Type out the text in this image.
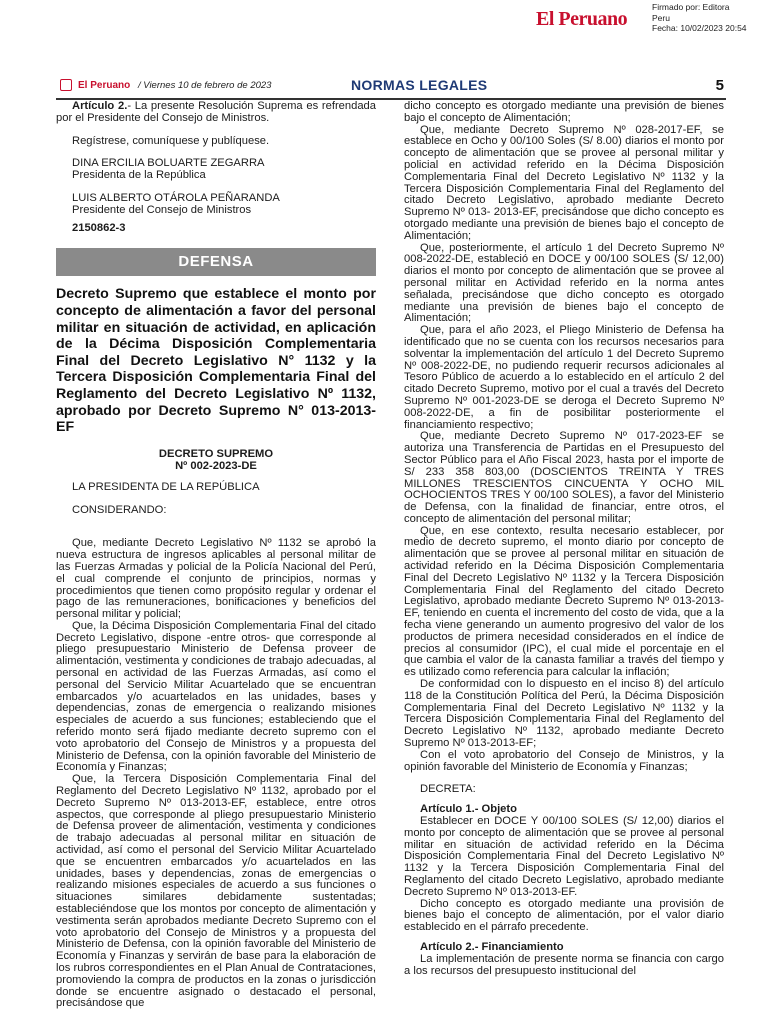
El Peruano
Firmado por: Editora
Peru
Fecha: 10/02/2023 20:54
El Peruano / Viernes 10 de febrero de 2023	NORMAS LEGALES	5

Artículo 2.- La presente Resolución Suprema es refrendada por el Presidente del Consejo de Ministros.

Regístrese, comuníquese y publíquese.

DINA ERCILIA BOLUARTE ZEGARRA

Presidenta de la República

LUIS ALBERTO OTÁROLA PEÑARANDA

Presidente del Consejo de Ministros

2150862-3

DEFENSA
Decreto Supremo que establece el monto por concepto de alimentación a favor del personal militar en situación de actividad, en aplicación de la Décima Disposición Complementaria Final del Decreto Legislativo N° 1132 y la Tercera Disposición Complementaria Final del Reglamento del Decreto Legislativo Nº 1132, aprobado por Decreto Supremo N° 013-2013-EF
DECRETO SUPREMO
Nº 002-2023-DE

LA PRESIDENTA DE LA REPÚBLICA

CONSIDERANDO:

Que, mediante Decreto Legislativo Nº 1132 se aprobó la nueva estructura de ingresos aplicables al personal militar de las Fuerzas Armadas y policial de la Policía Nacional del Perú, el cual comprende el conjunto de principios, normas y procedimientos que tienen como propósito regular y ordenar el pago de las remuneraciones, bonificaciones y beneficios del personal militar y policial;

Que, la Décima Disposición Complementaria Final del citado Decreto Legislativo, dispone -entre otros- que corresponde al pliego presupuestario Ministerio de Defensa proveer de alimentación, vestimenta y condiciones de trabajo adecuadas, al personal en actividad de las Fuerzas Armadas, así como el personal del Servicio Militar Acuartelado que se encuentran embarcados y/o acuartelados en las unidades, bases y dependencias, zonas de emergencia o realizando misiones especiales de acuerdo a sus funciones; estableciendo que el referido monto será fijado mediante decreto supremo con el voto aprobatorio del Consejo de Ministros y a propuesta del Ministerio de Defensa, con la opinión favorable del Ministerio de Economía y Finanzas;

Que, la Tercera Disposición Complementaria Final del Reglamento del Decreto Legislativo Nº 1132, aprobado por el Decreto Supremo Nº 013-2013-EF, establece, entre otros aspectos, que corresponde al pliego presupuestario Ministerio de Defensa proveer de alimentación, vestimenta y condiciones de trabajo adecuadas al personal militar en situación de actividad, así como el personal del Servicio Militar Acuartelado que se encuentren embarcados y/o acuartelados en las unidades, bases y dependencias, zonas de emergencias o realizando misiones especiales de acuerdo a sus funciones o situaciones similares debidamente sustentadas; estableciéndose que los montos por concepto de alimentación y vestimenta serán aprobados mediante Decreto Supremo con el voto aprobatorio del Consejo de Ministros y a propuesta del Ministerio de Defensa, con la opinión favorable del Ministerio de Economía y Finanzas y servirán de base para la elaboración de los rubros correspondientes en el Plan Anual de Contrataciones, promoviendo la compra de productos en la zonas o jurisdicción donde se encuentre asignado o destacado el personal, precisándose que

dicho concepto es otorgado mediante una previsión de bienes bajo el concepto de Alimentación;

Que, mediante Decreto Supremo Nº 028-2017-EF, se establece en Ocho y 00/100 Soles (S/ 8.00) diarios el monto por concepto de alimentación que se provee al personal militar y policial en actividad referido en la Décima Disposición Complementaria Final del Decreto Legislativo Nº 1132 y la Tercera Disposición Complementaria Final del Reglamento del citado Decreto Legislativo, aprobado mediante Decreto Supremo Nº 013- 2013-EF, precisándose que dicho concepto es otorgado mediante una previsión de bienes bajo el concepto de Alimentación;

Que, posteriormente, el artículo 1 del Decreto Supremo Nº 008-2022-DE, estableció en DOCE y 00/100 SOLES (S/ 12,00) diarios el monto por concepto de alimentación que se provee al personal militar en Actividad referido en la norma antes señalada, precisándose que dicho concepto es otorgado mediante una previsión de bienes bajo el concepto de Alimentación;

Que, para el año 2023, el Pliego Ministerio de Defensa ha identificado que no se cuenta con los recursos necesarios para solventar la implementación del artículo 1 del Decreto Supremo Nº 008-2022-DE, no pudiendo requerir recursos adicionales al Tesoro Público de acuerdo a lo establecido en el artículo 2 del citado Decreto Supremo, motivo por el cual a través del Decreto Supremo Nº 001-2023-DE se deroga el Decreto Supremo Nº 008-2022-DE, a fin de posibilitar posteriormente el financiamiento respectivo;

Que, mediante Decreto Supremo Nº 017-2023-EF se autoriza una Transferencia de Partidas en el Presupuesto del Sector Público para el Año Fiscal 2023, hasta por el importe de S/ 233 358 803,00 (DOSCIENTOS TREINTA Y TRES MILLONES TRESCIENTOS CINCUENTA Y OCHO MIL OCHOCIENTOS TRES Y 00/100 SOLES), a favor del Ministerio de Defensa, con la finalidad de financiar, entre otros, el concepto de alimentación del personal militar;

Que, en ese contexto, resulta necesario establecer, por medio de decreto supremo, el monto diario por concepto de alimentación que se provee al personal militar en situación de actividad referido en la Décima Disposición Complementaria Final del Decreto Legislativo Nº 1132 y la Tercera Disposición Complementaria Final del Reglamento del citado Decreto Legislativo, aprobado mediante Decreto Supremo Nº 013-2013-EF, teniendo en cuenta el incremento del costo de vida, que a la fecha viene generando un aumento progresivo del valor de los productos de primera necesidad considerados en el índice de precios al consumidor (IPC), el cual mide el porcentaje en el que cambia el valor de la canasta familiar a través del tiempo y es utilizado como referencia para calcular la inflación;

De conformidad con lo dispuesto en el inciso 8) del artículo 118 de la Constitución Política del Perú, la Décima Disposición Complementaria Final del Decreto Legislativo Nº 1132 y la Tercera Disposición Complementaria Final del Reglamento del Decreto Legislativo Nº 1132, aprobado mediante Decreto Supremo Nº 013-2013-EF;

Con el voto aprobatorio del Consejo de Ministros, y la opinión favorable del Ministerio de Economía y Finanzas;

DECRETA:

Artículo 1.- Objeto

Establecer en DOCE Y 00/100 SOLES (S/ 12,00) diarios el monto por concepto de alimentación que se provee al personal militar en situación de actividad referido en la Décima Disposición Complementaria Final del Decreto Legislativo Nº 1132 y la Tercera Disposición Complementaria Final del Reglamento del citado Decreto Legislativo, aprobado mediante Decreto Supremo Nº 013-2013-EF.

Dicho concepto es otorgado mediante una provisión de bienes bajo el concepto de alimentación, por el valor diario establecido en el párrafo precedente.

Artículo 2.- Financiamiento

La implementación de presente norma se financia con cargo a los recursos del presupuesto institucional del
